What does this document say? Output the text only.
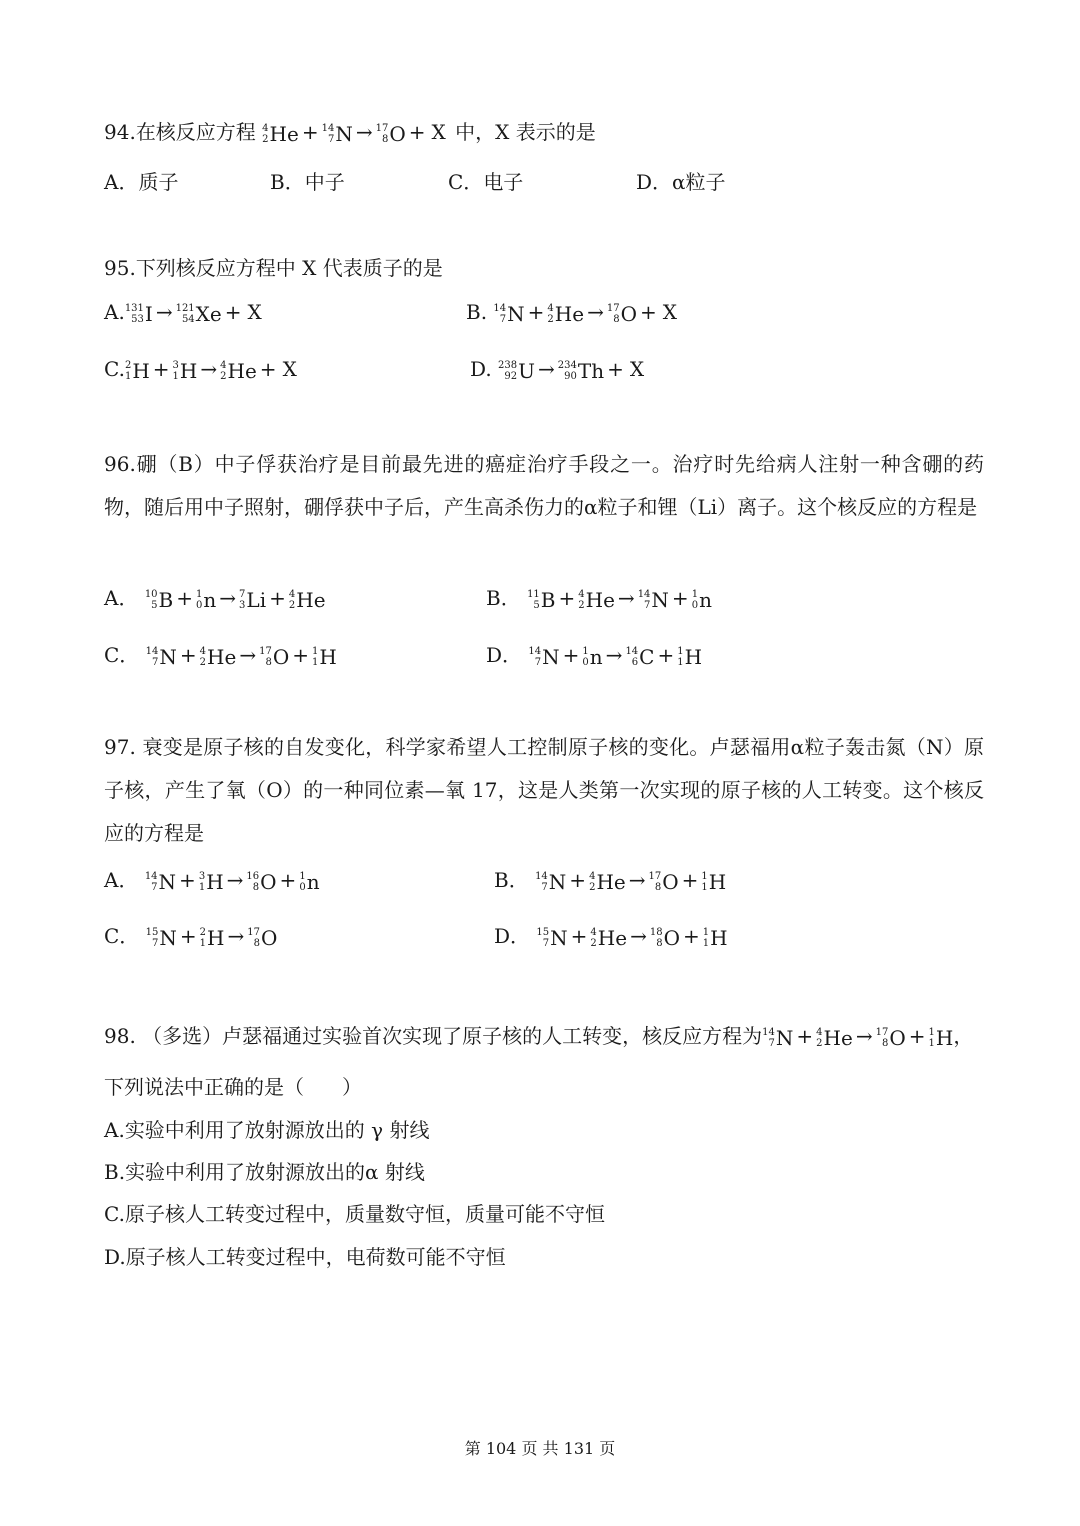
94.在核反应方程 4
2 He + 14
7 N → 17
8 O + X 中，X 表示的是
A．质子	B．中子	C．电子	D．α粒子
95.下列核反应方程中 X 代表质子的是
A. 131
53 I → 121
54 Xe + X	B. 14
7 N + 4
2 He → 17
8 O + X
C. 2
1 H + 3
1 H → 4
2 He + X	D. 238
92 U → 234
90 Th + X
96.硼（B）中子俘获治疗是目前最先进的癌症治疗手段之一。治疗时先给病人注射一种含硼的药物，随后用中子照射，硼俘获中子后，产生高杀伤力的α粒子和锂（Li）离子。这个核反应的方程是
A． 10
5 B + 1
0 n → 7
3 Li + 4
2 He	B． 11
5 B + 4
2 He → 14
7 N + 1
0 n
C． 14
7 N + 4
2 He → 17
8 O + 1
1 H	D． 14
7 N + 1
0 n → 14
6 C + 1
1 H
97. 衰变是原子核的自发变化，科学家希望人工控制原子核的变化。卢瑟福用α粒子轰击氮（N）原子核，产生了氧（O）的一种同位素—氧 17，这是人类第一次实现的原子核的人工转变。这个核反应的方程是
A． 14
7 N + 3
1 H → 16
8 O + 1
0 n	B． 14
7 N + 4
2 He → 17
8 O + 1
1 H
C． 15
7 N + 2
1 H → 17
8 O	D． 15
7 N + 4
2 He → 18
8 O + 1
1 H
98. （多选）卢瑟福通过实验首次实现了原子核的人工转变，核反应方程为 14
7 N + 4
2 He → 17
8 O + 1
1 H ，
下列说法中正确的是（ ）
A.实验中利用了放射源放出的 γ 射线
B.实验中利用了放射源放出的α 射线
C.原子核人工转变过程中，质量数守恒，质量可能不守恒
D.原子核人工转变过程中，电荷数可能不守恒
第 104 页 共 131 页
